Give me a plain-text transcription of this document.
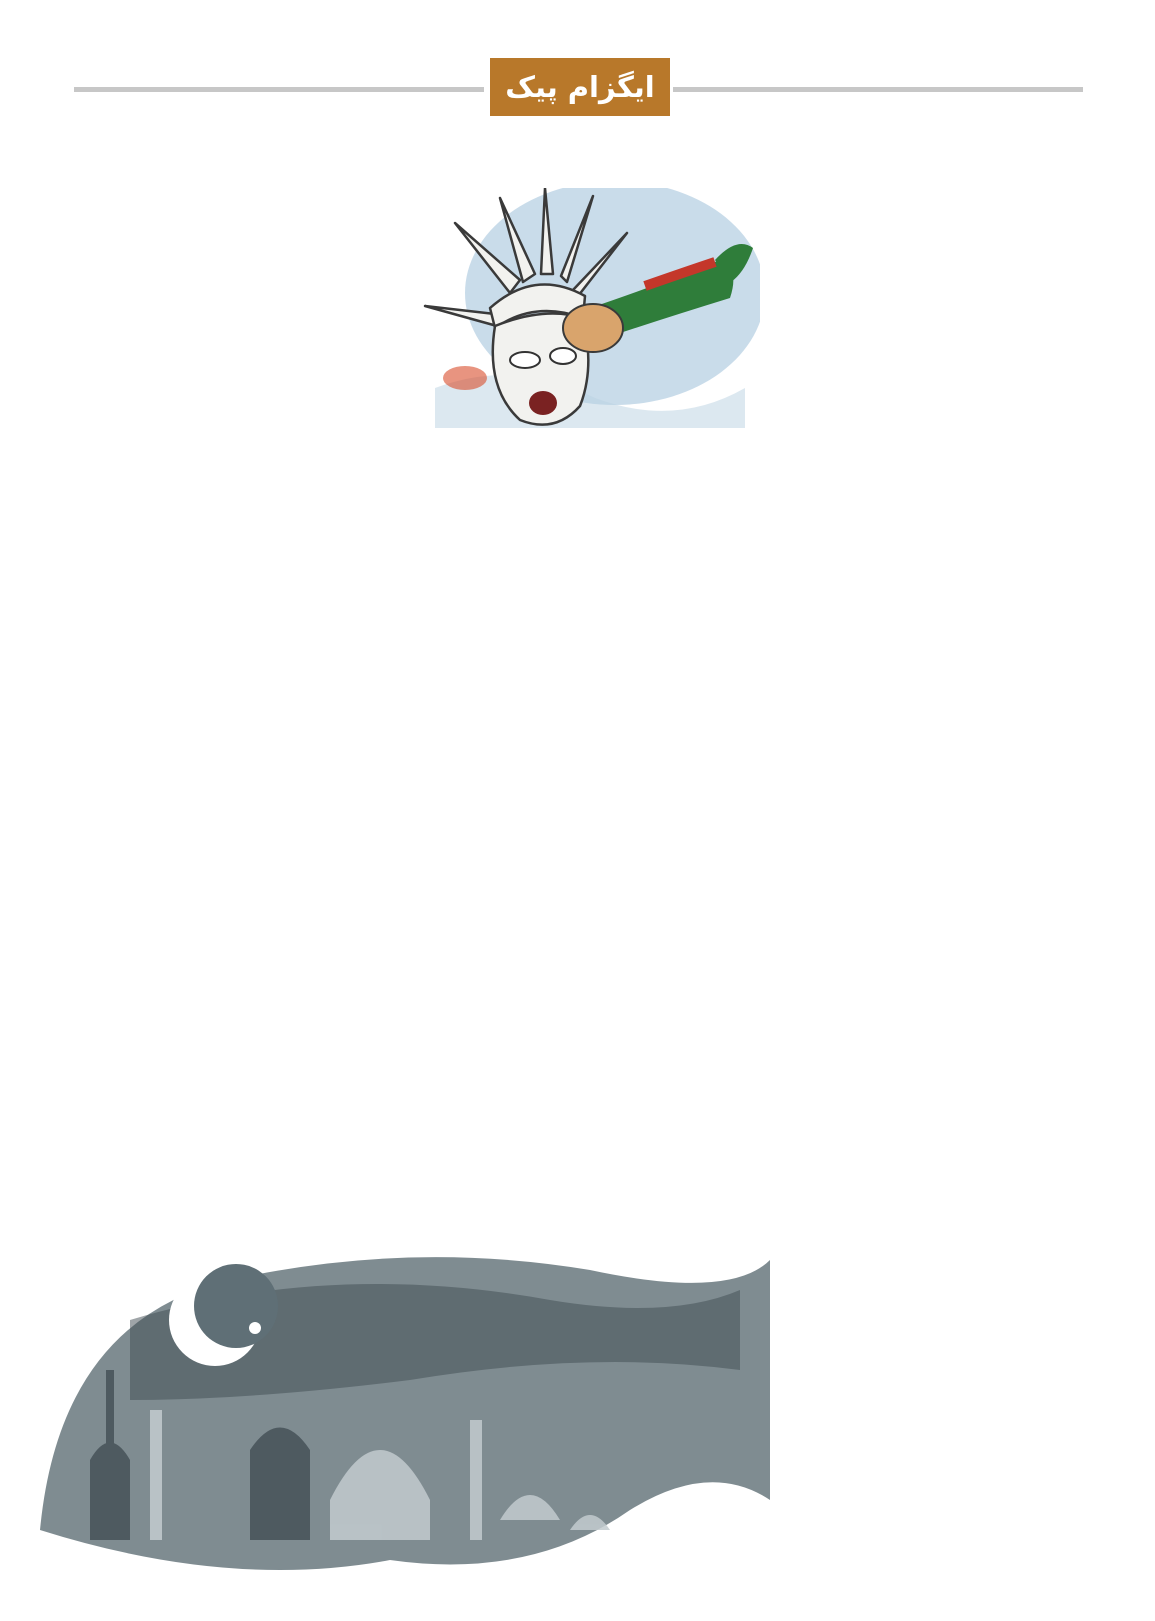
ایگزام پیک
